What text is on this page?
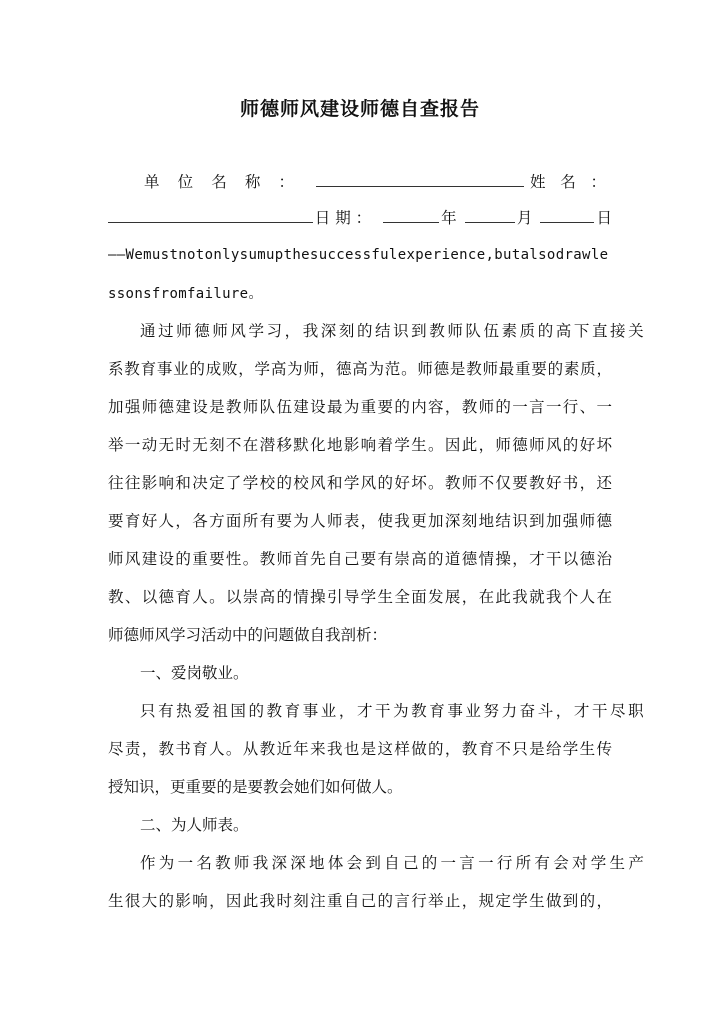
师德师风建设师德自查报告
单 位 名 称 ：	姓 名 ：
日 期 ：	年	月	日
——Wemustnotonlysumupthesuccessfulexperience,butalsodrawle
ssonsfromfailure。
通 过 师 德 师 风 学 习 ， 我 深 刻 的 结 识 到 教 师 队 伍 素 质 的 高 下 直 接 关
系 教 育 事 业 的 成 败 ， 学 高 为 师 ， 德 高 为 范 。 师 德 是 教 师 最 重 要 的 素 质 ，
加 强 师 德 建 设 是 教 师 队 伍 建 设 最 为 重 要 的 内 容 ， 教 师 的 一 言 一 行 、 一
举 一 动 无 时 无 刻 不 在 潜 移 默 化 地 影 响 着 学 生 。 因 此 ， 师 德 师 风 的 好 坏
往 往 影 响 和 决 定 了 学 校 的 校 风 和 学 风 的 好 坏 。 教 师 不 仅 要 教 好 书 ， 还
要 育 好 人 ， 各 方 面 所 有 要 为 人 师 表 ， 使 我 更 加 深 刻 地 结 识 到 加 强 师 德
师 风 建 设 的 重 要 性 。 教 师 首 先 自 己 要 有 崇 高 的 道 德 情 操 ， 才 干 以 德 治
教 、 以 德 育 人 。 以 崇 高 的 情 操 引 导 学 生 全 面 发 展 ， 在 此 我 就 我 个 人 在
师德师风学习活动中的问题做自我剖析：
一、爱岗敬业。
只 有 热 爱 祖 国 的 教 育 事 业 ， 才 干 为 教 育 事 业 努 力 奋 斗 ， 才 干 尽 职
尽 责 ， 教 书 育 人 。 从 教 近 年 来 我 也 是 这 样 做 的 ， 教 育 不 只 是 给 学 生 传
授知识，更重要的是要教会她们如何做人。
二、为人师表。
作 为 一 名 教 师 我 深 深 地 体 会 到 自 己 的 一 言 一 行 所 有 会 对 学 生 产
生 很 大 的 影 响 ， 因 此 我 时 刻 注 重 自 己 的 言 行 举 止 ， 规 定 学 生 做 到 的 ，
